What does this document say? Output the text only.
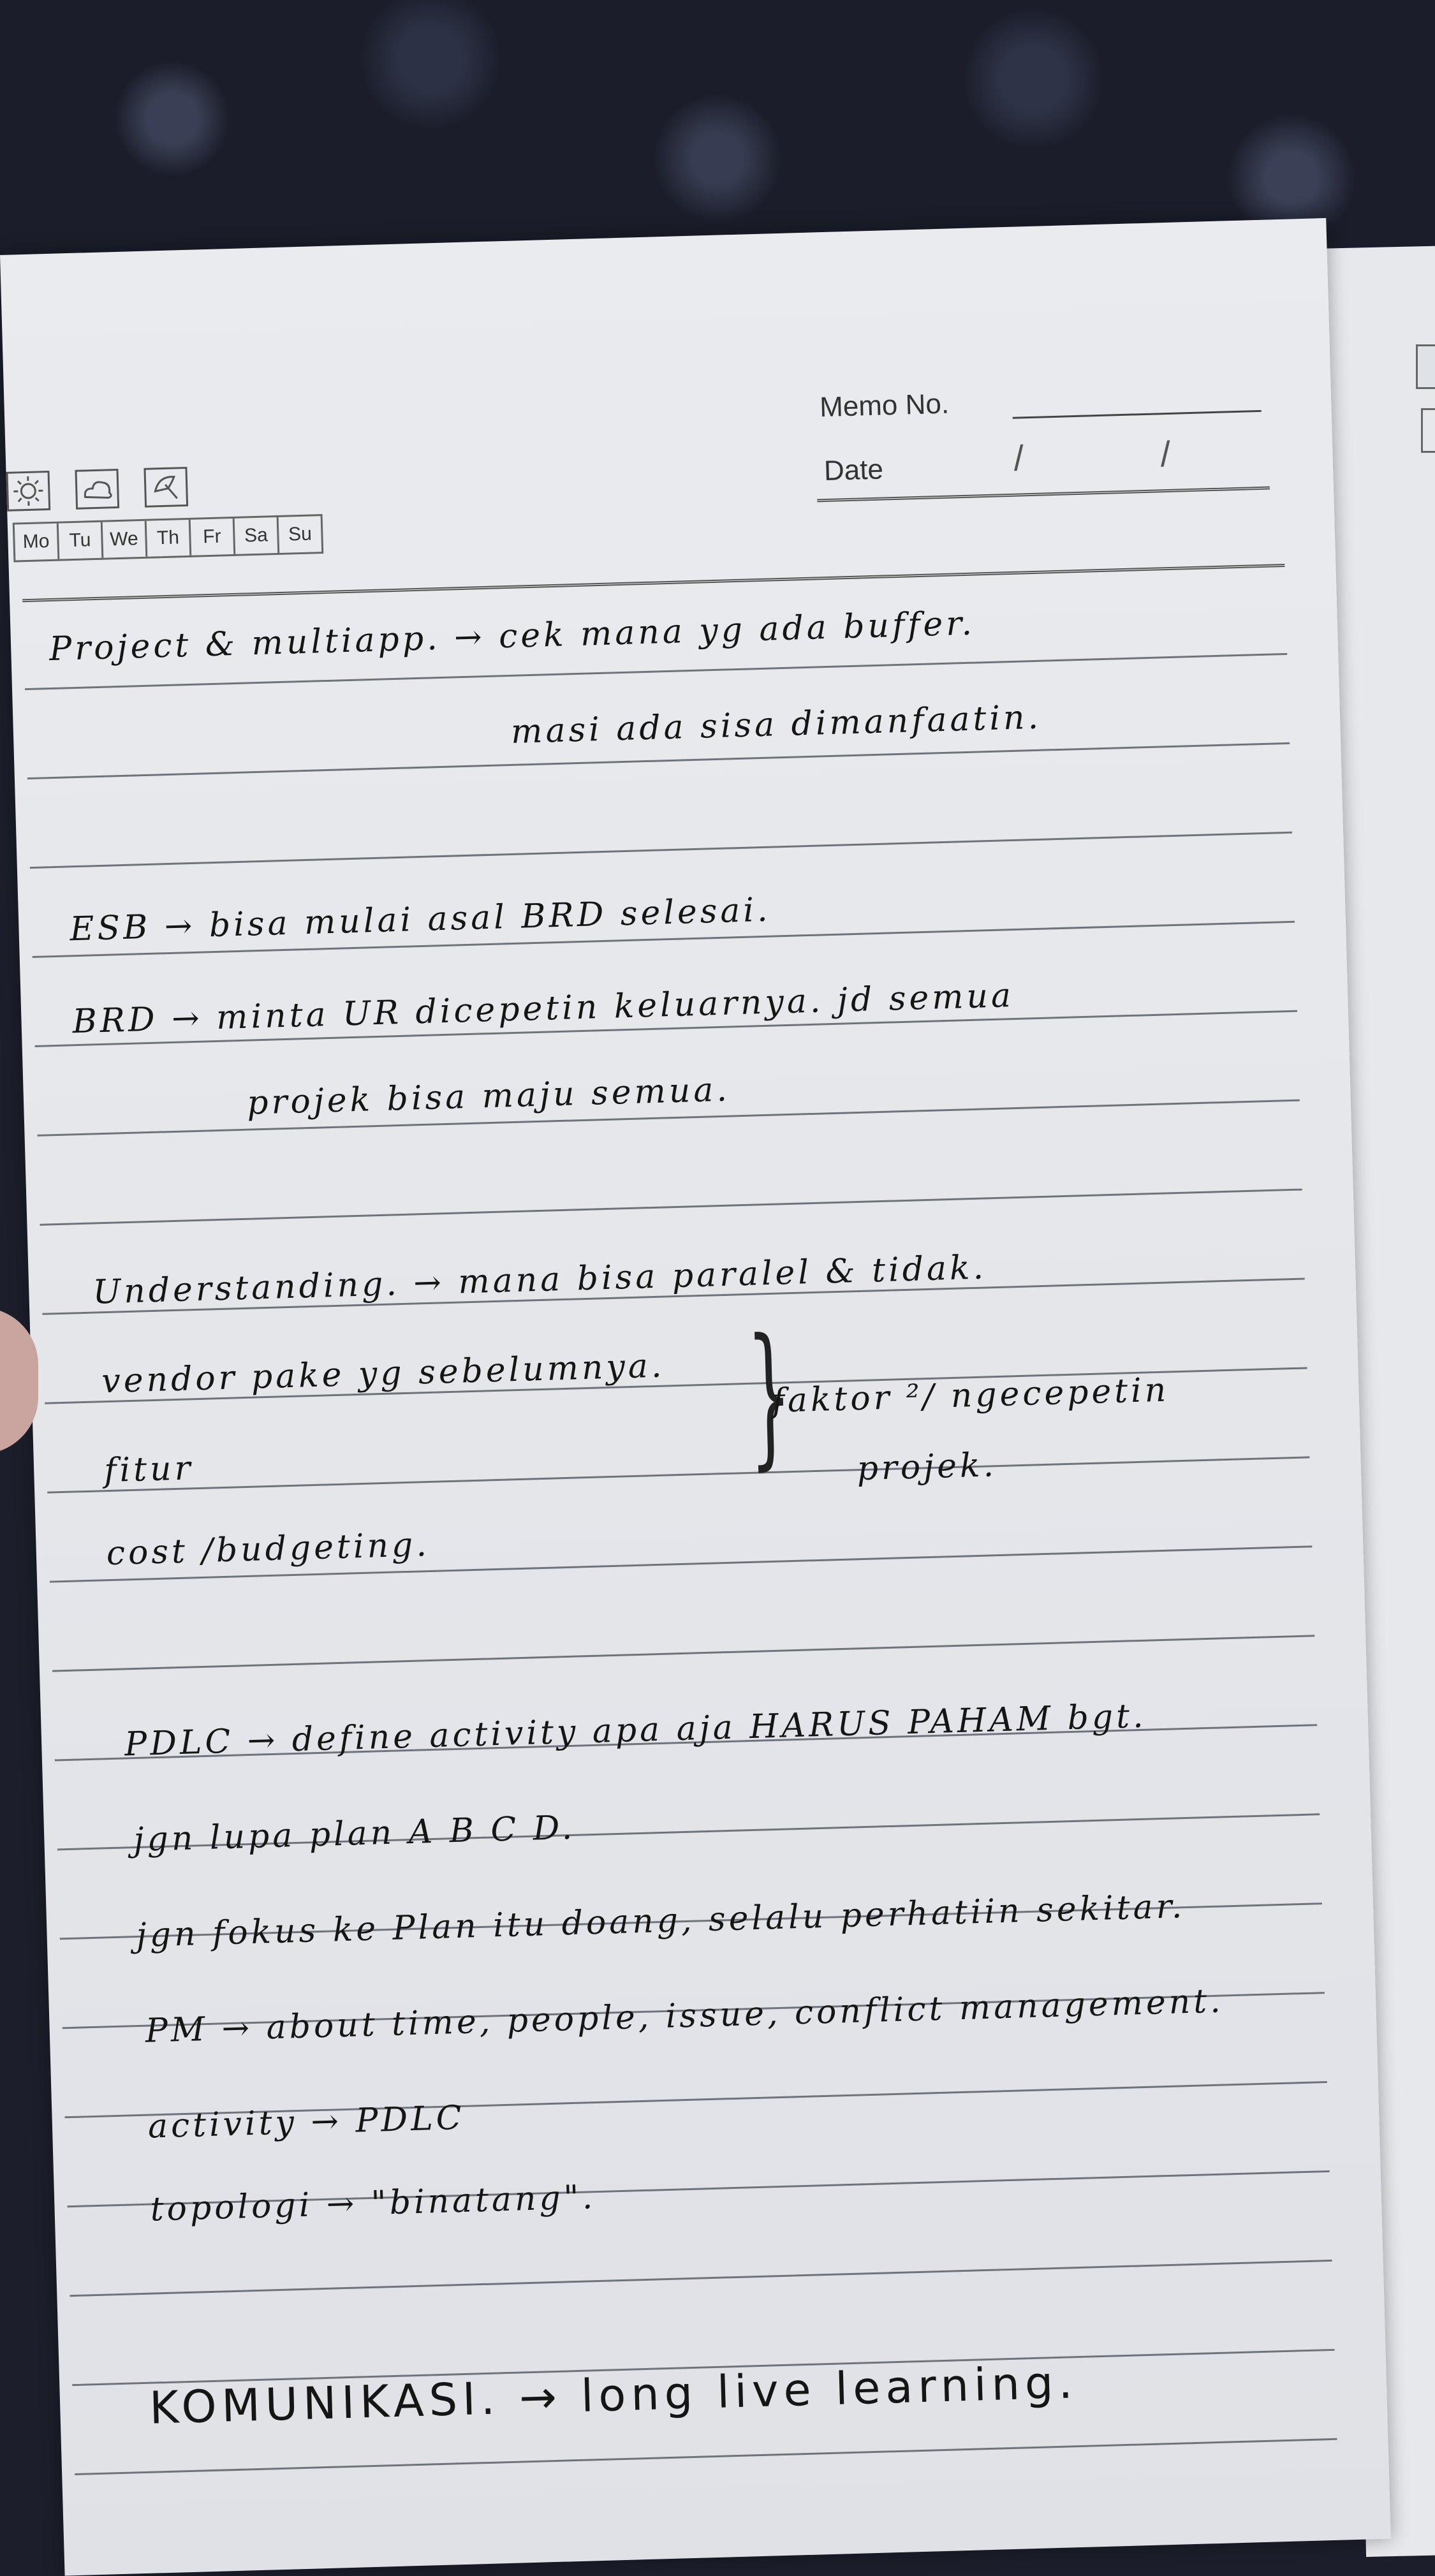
Mo	Tu We Th	Fr	Sa	Su
Memo No.
Date	/	/
Project & multiapp. → cek mana yg ada buffer.
masi ada sisa dimanfaatin.
ESB → bisa mulai asal BRD selesai.
BRD → minta UR dicepetin keluarnya. jd semua
projek bisa maju semua.
Understanding. → mana bisa paralel & tidak.
vendor pake yg sebelumnya.
fitur
cost /budgeting.
}
faktor ²/ ngecepetin
projek.
PDLC → define activity apa aja HARUS PAHAM bgt.
jgn lupa plan A B C D.
jgn fokus ke Plan itu doang, selalu perhatiin sekitar.
PM → about time, people, issue, conflict management.
activity → PDLC
topologi → "binatang".
KOMUNIKASI. → long live learning.
